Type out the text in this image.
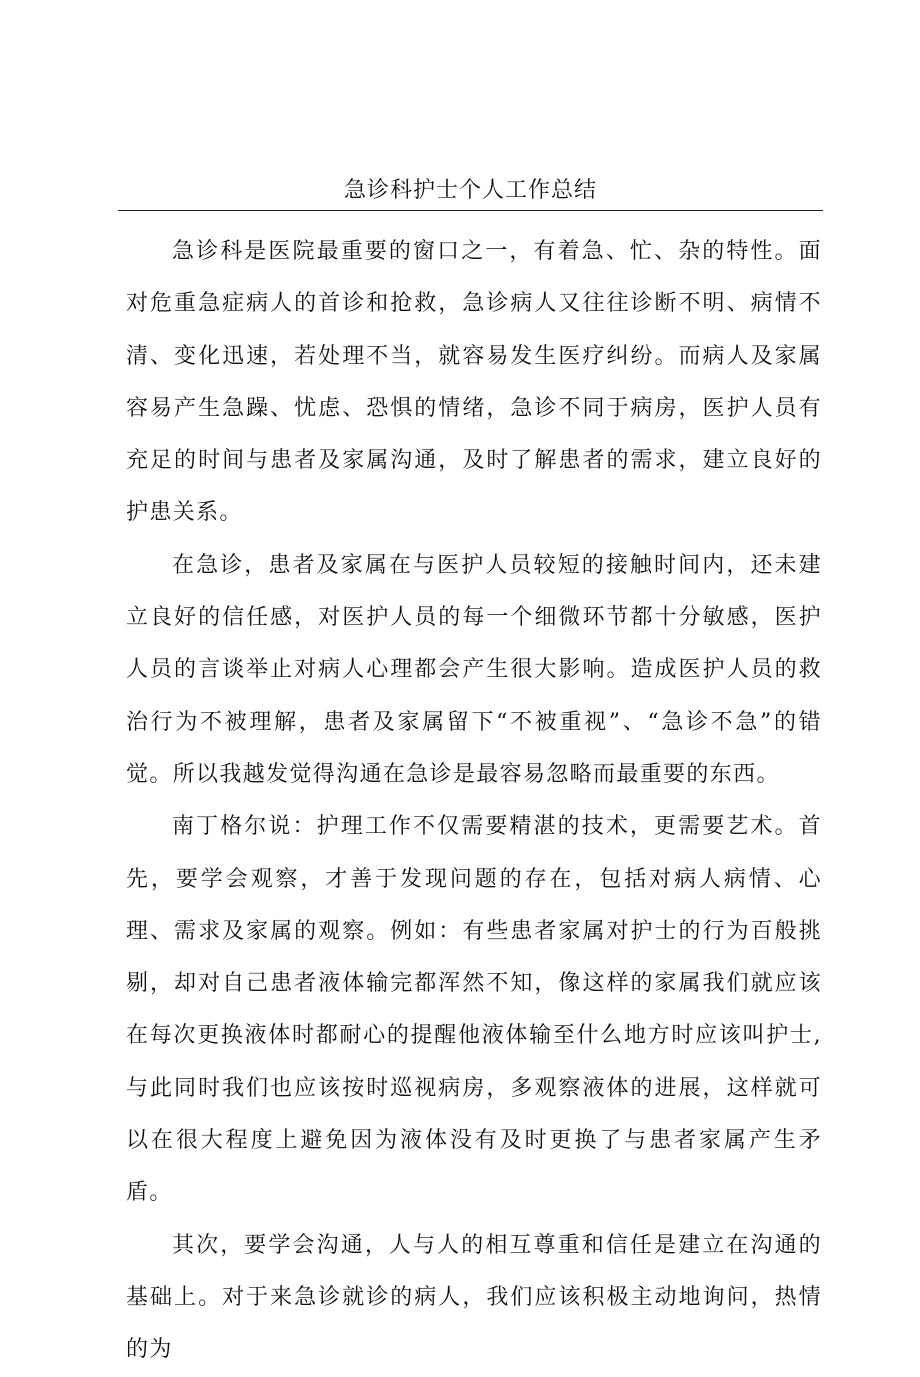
急诊科护士个人工作总结

急诊科是医院最重要的窗口之一，有着急、忙、杂的特性。面对危重急症病人的首诊和抢救，急诊病人又往往诊断不明、病情不清、变化迅速，若处理不当，就容易发生医疗纠纷。而病人及家属容易产生急躁、忧虑、恐惧的情绪，急诊不同于病房，医护人员有充足的时间与患者及家属沟通，及时了解患者的需求，建立良好的护患关系。

在急诊，患者及家属在与医护人员较短的接触时间内，还未建立良好的信任感，对医护人员的每一个细微环节都十分敏感，医护人员的言谈举止对病人心理都会产生很大影响。造成医护人员的救治行为不被理解，患者及家属留下“不被重视”、“急诊不急”的错觉。所以我越发觉得沟通在急诊是最容易忽略而最重要的东西。

南丁格尔说：护理工作不仅需要精湛的技术，更需要艺术。首先，要学会观察，才善于发现问题的存在，包括对病人病情、心理、需求及家属的观察。例如：有些患者家属对护士的行为百般挑剔，却对自己患者液体输完都浑然不知，像这样的家属我们就应该在每次更换液体时都耐心的提醒他液体输至什么地方时应该叫护士,与此同时我们也应该按时巡视病房，多观察液体的进展，这样就可以在很大程度上避免因为液体没有及时更换了与患者家属产生矛盾。

其次，要学会沟通，人与人的相互尊重和信任是建立在沟通的基础上。对于来急诊就诊的病人，我们应该积极主动地询问，热情的为
